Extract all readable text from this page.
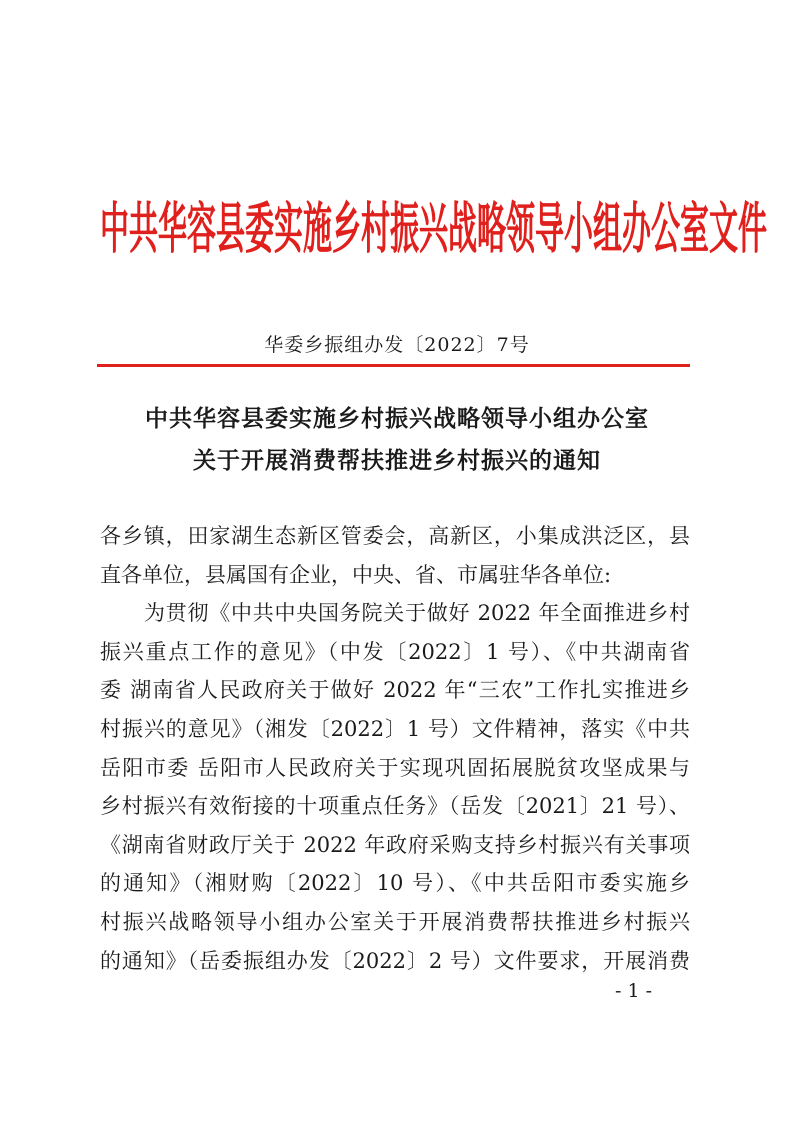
中共华容县委实施乡村振兴战略领导小组办公室文件
华委乡振组办发〔2022〕7号
中共华容县委实施乡村振兴战略领导小组办公室
关于开展消费帮扶推进乡村振兴的通知
各乡镇，田家湖生态新区管委会，高新区，小集成洪泛区，县
直各单位，县属国有企业，中央、省、市属驻华各单位:
为贯彻《中共中央国务院关于做好 2022 年全面推进乡村
振兴重点工作的意见》（中发〔2022〕1 号）、《中共湖南省
委 湖南省人民政府关于做好 2022 年“三农”工作扎实推进乡
村振兴的意见》（湘发〔2022〕1 号）文件精神，落实《中共
岳阳市委 岳阳市人民政府关于实现巩固拓展脱贫攻坚成果与
乡村振兴有效衔接的十项重点任务》（岳发〔2021〕21 号）、
《湖南省财政厅关于 2022 年政府采购支持乡村振兴有关事项
的通知》（湘财购〔2022〕10 号）、《中共岳阳市委实施乡
村振兴战略领导小组办公室关于开展消费帮扶推进乡村振兴
的通知》（岳委振组办发〔2022〕2 号）文件要求，开展消费
- 1 -
